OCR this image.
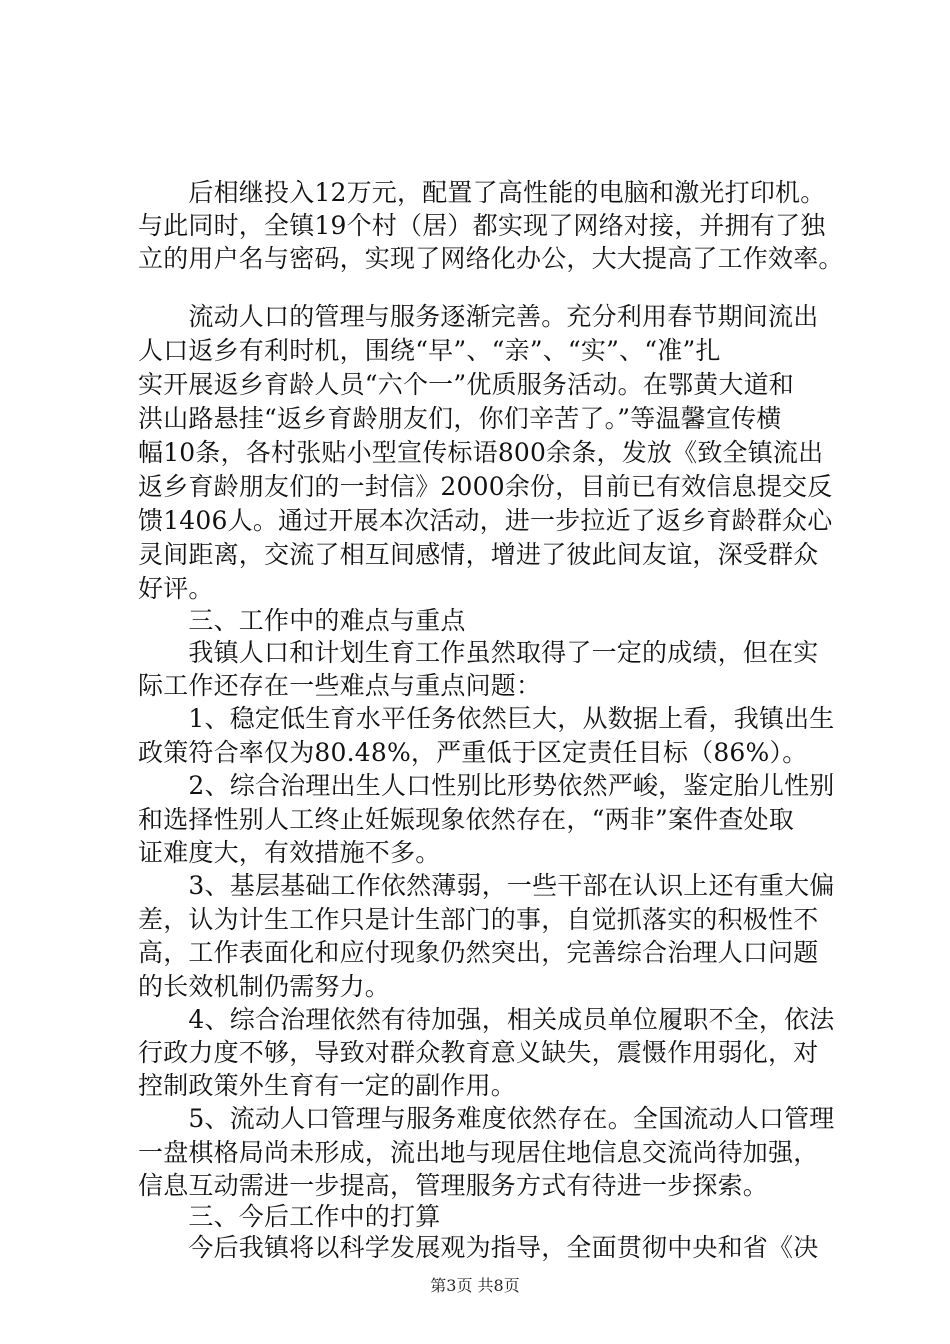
　　后相继投入12万元，配置了高性能的电脑和激光打印机。
与此同时，全镇19个村（居）都实现了网络对接，并拥有了独
立的用户名与密码，实现了网络化办公，大大提高了工作效率。
　　流动人口的管理与服务逐渐完善。充分利用春节期间流出
人口返乡有利时机，围绕“早”、“亲”、“实”、“准”扎
实开展返乡育龄人员“六个一”优质服务活动。在鄂黄大道和
洪山路悬挂“返乡育龄朋友们，你们辛苦了。”等温馨宣传横
幅10条，各村张贴小型宣传标语800余条，发放《致全镇流出
返乡育龄朋友们的一封信》2000余份，目前已有效信息提交反
馈1406人。通过开展本次活动，进一步拉近了返乡育龄群众心
灵间距离，交流了相互间感情，增进了彼此间友谊，深受群众
好评。
　　三、工作中的难点与重点
　　我镇人口和计划生育工作虽然取得了一定的成绩，但在实
际工作还存在一些难点与重点问题：
　　1、稳定低生育水平任务依然巨大，从数据上看，我镇出生
政策符合率仅为80.48%，严重低于区定责任目标（86%）。
　　2、综合治理出生人口性别比形势依然严峻，鉴定胎儿性别
和选择性别人工终止妊娠现象依然存在，“两非”案件查处取
证难度大，有效措施不多。
　　3、基层基础工作依然薄弱，一些干部在认识上还有重大偏
差，认为计生工作只是计生部门的事，自觉抓落实的积极性不
高，工作表面化和应付现象仍然突出，完善综合治理人口问题
的长效机制仍需努力。
　　4、综合治理依然有待加强，相关成员单位履职不全，依法
行政力度不够，导致对群众教育意义缺失，震慑作用弱化，对
控制政策外生育有一定的副作用。
　　5、流动人口管理与服务难度依然存在。全国流动人口管理
一盘棋格局尚未形成，流出地与现居住地信息交流尚待加强，
信息互动需进一步提高，管理服务方式有待进一步探索。
　　三、今后工作中的打算
　　今后我镇将以科学发展观为指导，全面贯彻中央和省《决
第3页 共8页
